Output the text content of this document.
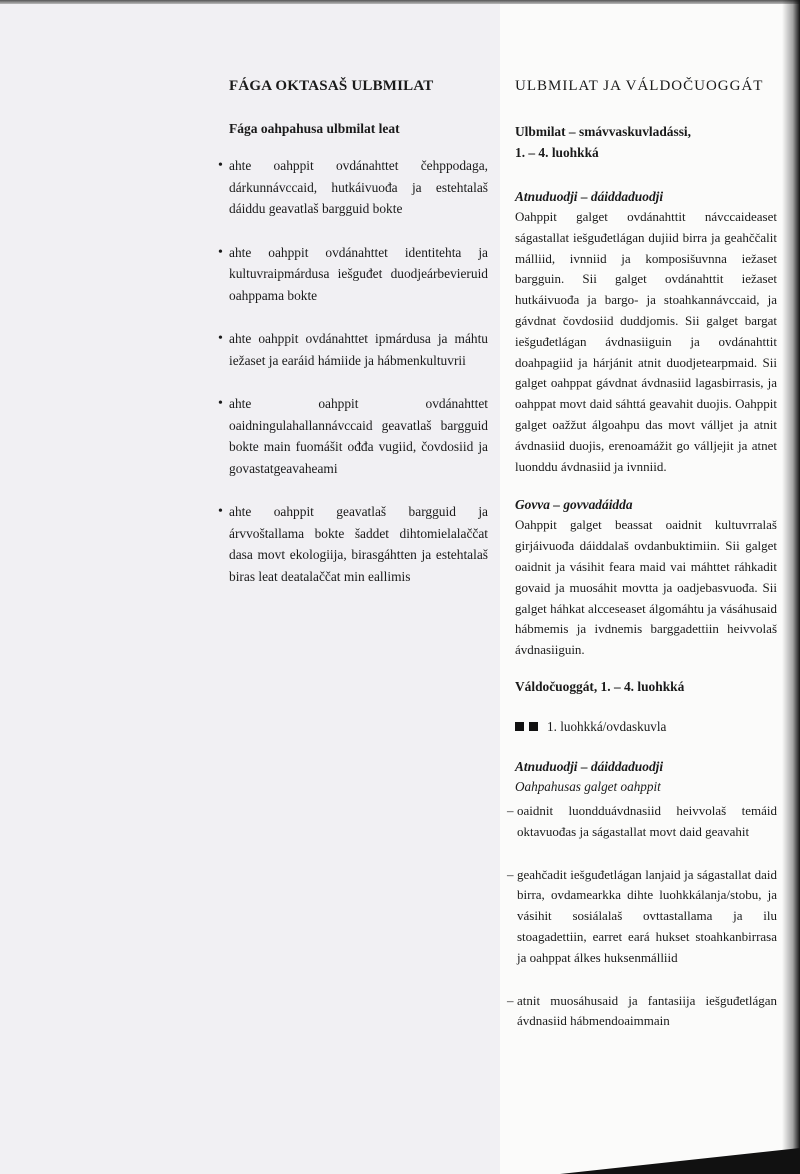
FÁGA OKTASAŠ ULBMILAT
Fága oahpahusa ulbmilat leat
• ahte oahppit ovdánahttet čehppodaga, dárkunnávccaid, hutkáivuođa ja estehtalaš dáiddu geavatlaš bargguid bokte
• ahte oahppit ovdánahttet identitehta ja kultuvraipmárdusa iešguđet duodjeárbevieruid oahppama bokte
• ahte oahppit ovdánahttet ipmárdusa ja máhtu iežaset ja earáid hámiide ja hábmenkultuvrii
• ahte oahppit ovdánahttet oaidningulahallannávccaid geavatlaš bargguid bokte main fuomášit ođđa vugiid, čovdosiid ja govastatgeavaheami
• ahte oahppit geavatlaš bargguid ja árvvoštallama bokte šaddet dihtomielalaččat dasa movt ekologiija, birasgáhtten ja estehtalaš biras leat deatalaččat min eallimis
ULBMILAT JA VÁLDOČUOGGÁT
Ulbmilat – smávvaskuvladássi,
1. – 4. luohkká
Atnuduodji – dáiddaduodji

Oahppit galget ovdánahttit návccaideaset ságastallat iešguđetlágan dujiid birra ja geahččalit málliid, ivnniid ja komposišuvnna iežaset bargguin. Sii galget ovdánahttit iežaset hutkáivuođa ja bargo- ja stoahkannávccaid, ja gávdnat čovdosiid duddjomis. Sii galget bargat iešguđetlágan ávdnasiiguin ja ovdánahttit doahpagiid ja hárjánit atnit duodjetearpmaid. Sii galget oahppat gávdnat ávdnasiid lagasbirrasis, ja oahppat movt daid sáhttá geavahit duojis. Oahppit galget oažžut álgoahpu das movt válljet ja atnit ávdnasiid duojis, erenoamážit go válljejit ja atnet luonddu ávdnasiid ja ivnniid.

Govva – govvadáidda

Oahppit galget beassat oaidnit kultuvrralaš girjáivuođa dáiddalaš ovdanbuktimiin. Sii galget oaidnit ja vásihit feara maid vai máhttet ráhkadit govaid ja muosáhit movtta ja oadjebasvuođa. Sii galget háhkat alcceseaset álgomáhtu ja vásáhusaid hábmemis ja ivdnemis barggadettiin heivvolaš ávdnasiiguin.

Váldočuoggát, 1. – 4. luohkká
1. luohkká/ovdaskuvla
Atnuduodji – dáiddaduodji
Oahpahusas galget oahppit
– oaidnit luondduávdnasiid heivvolaš temáid oktavuođas ja ságastallat movt daid geavahit
– geahčadit iešguđetlágan lanjaid ja ságastallat daid birra, ovdamearkka dihte luohkkálanja/stobu, ja vásihit sosiálalaš ovttastallama ja ilu stoagadettiin, earret eará hukset stoahkanbirrasa ja oahppat álkes huksenmálliid
– atnit muosáhusaid ja fantasiija iešguđetlágan ávdnasiid hábmendoaimmain
